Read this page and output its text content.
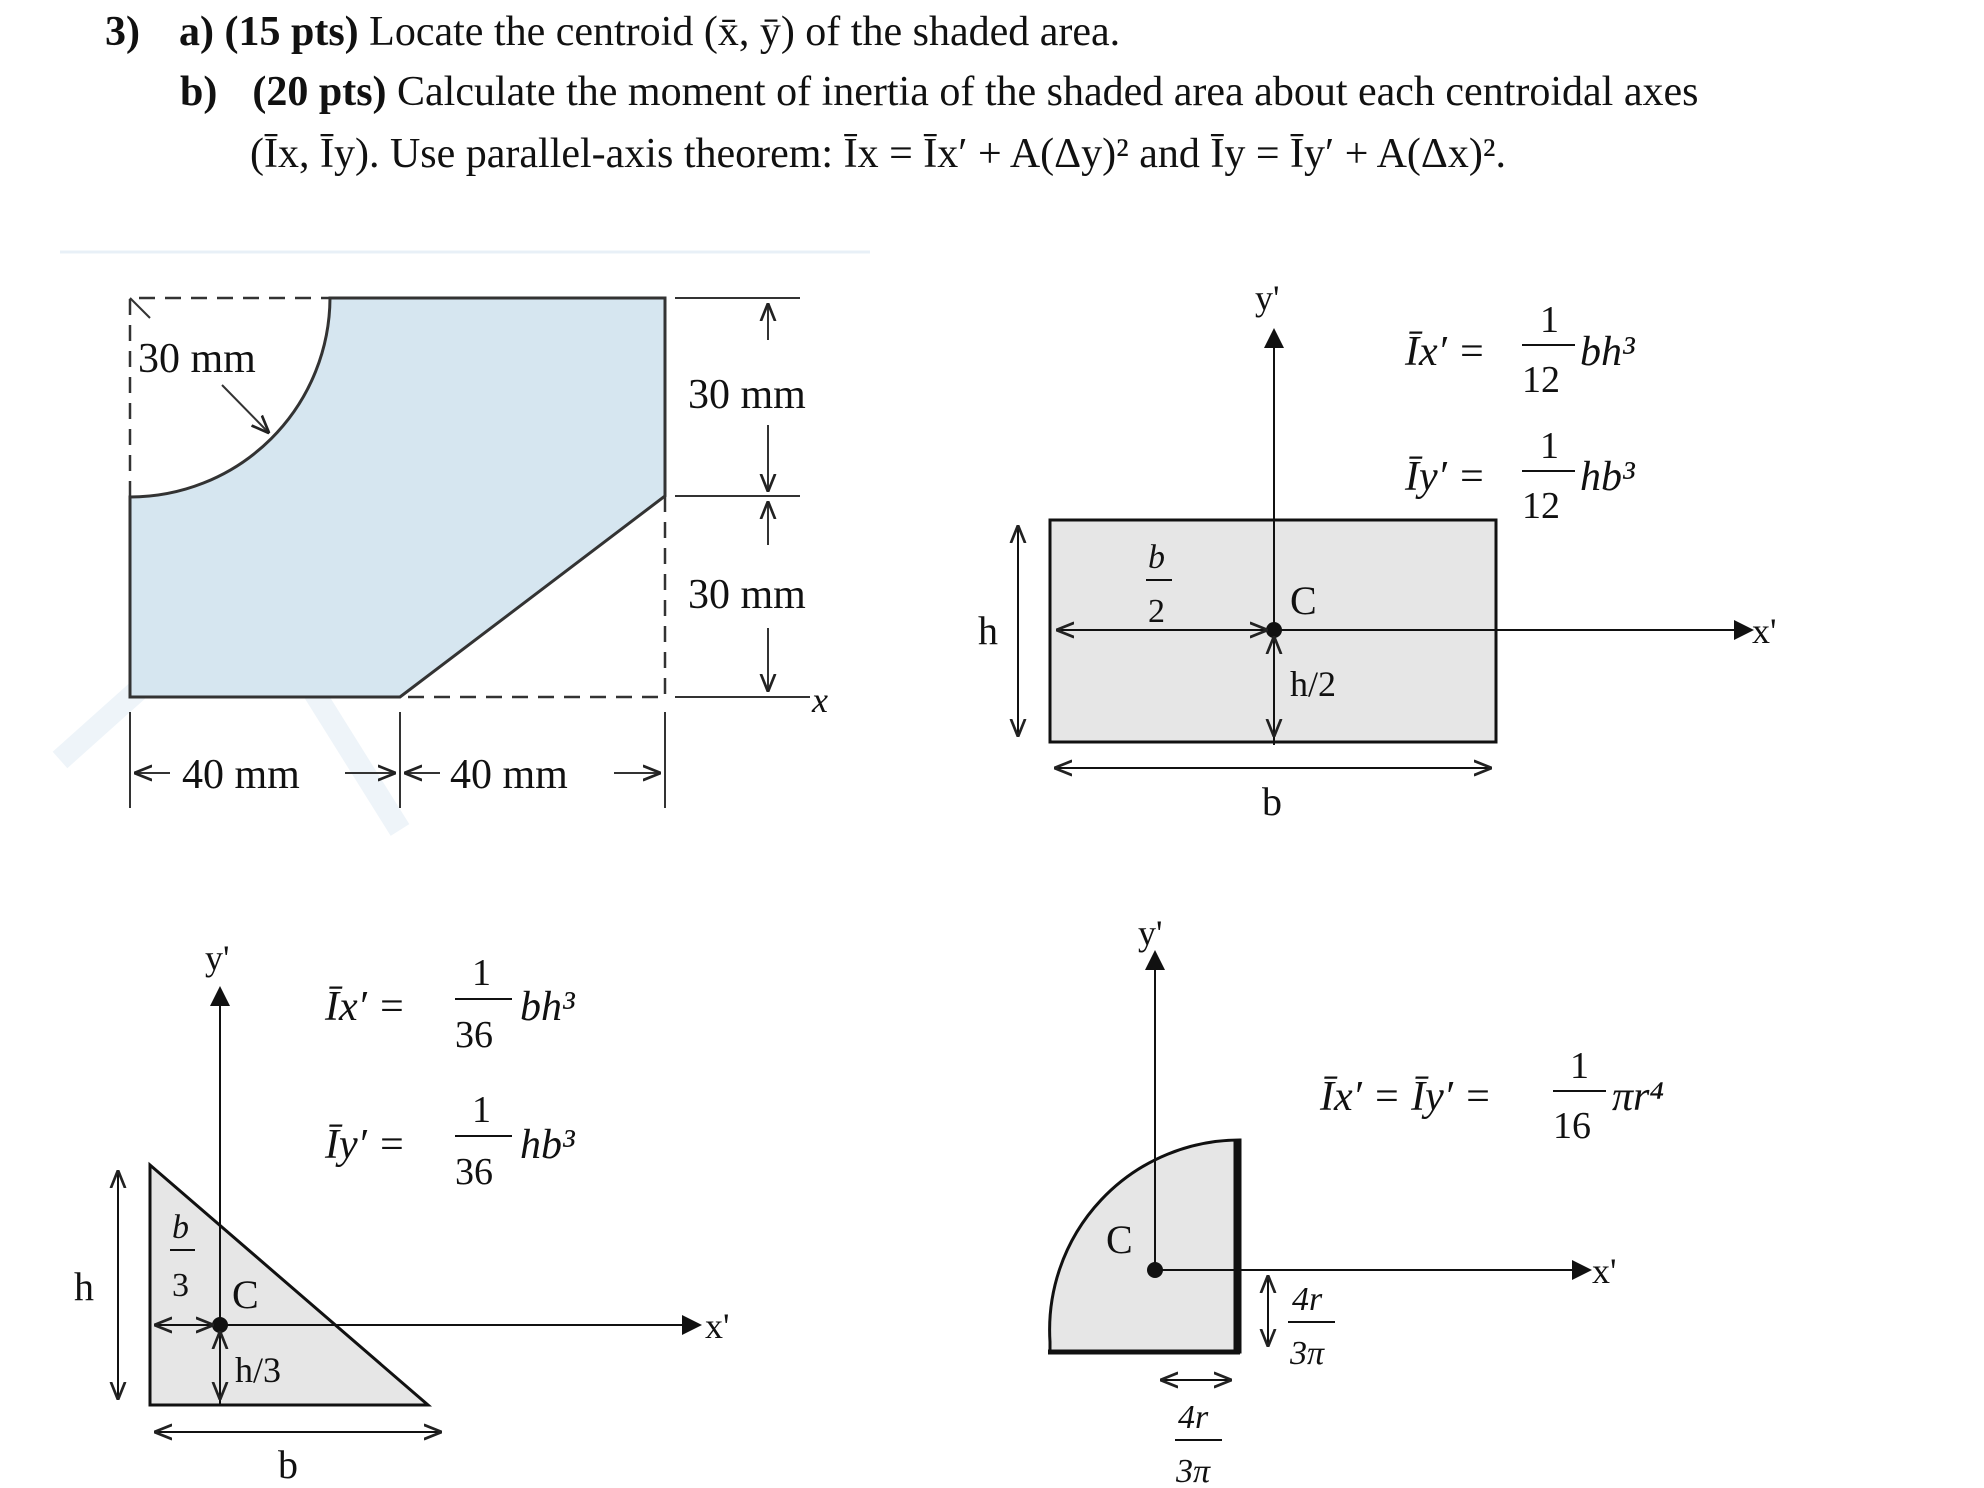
3) a) (15 pts) Locate the centroid (x̄, ȳ) of the shaded area.
b) (20 pts) Calculate the moment of inertia of the shaded area about each centroidal axes
(Īx, Īy). Use parallel-axis theorem: Īx = Īx′ + A(Δy)² and Īy = Īy′ + A(Δx)².
30 mm
30 mm
30 mm
x
40 mm	40 mm
y'
x'
C
b
2
h/2
h
b
Īx′ =
1
12
bh³
Īy′ =
1
12
hb³
y'
x'
C
b
3
h/3
h
b
Īx′ =
1
36
bh³
Īy′ =
1
36
hb³
y'
x'
C
4r
3π
4r
3π
Īx′ = Īy′ =
1
16
πr⁴
